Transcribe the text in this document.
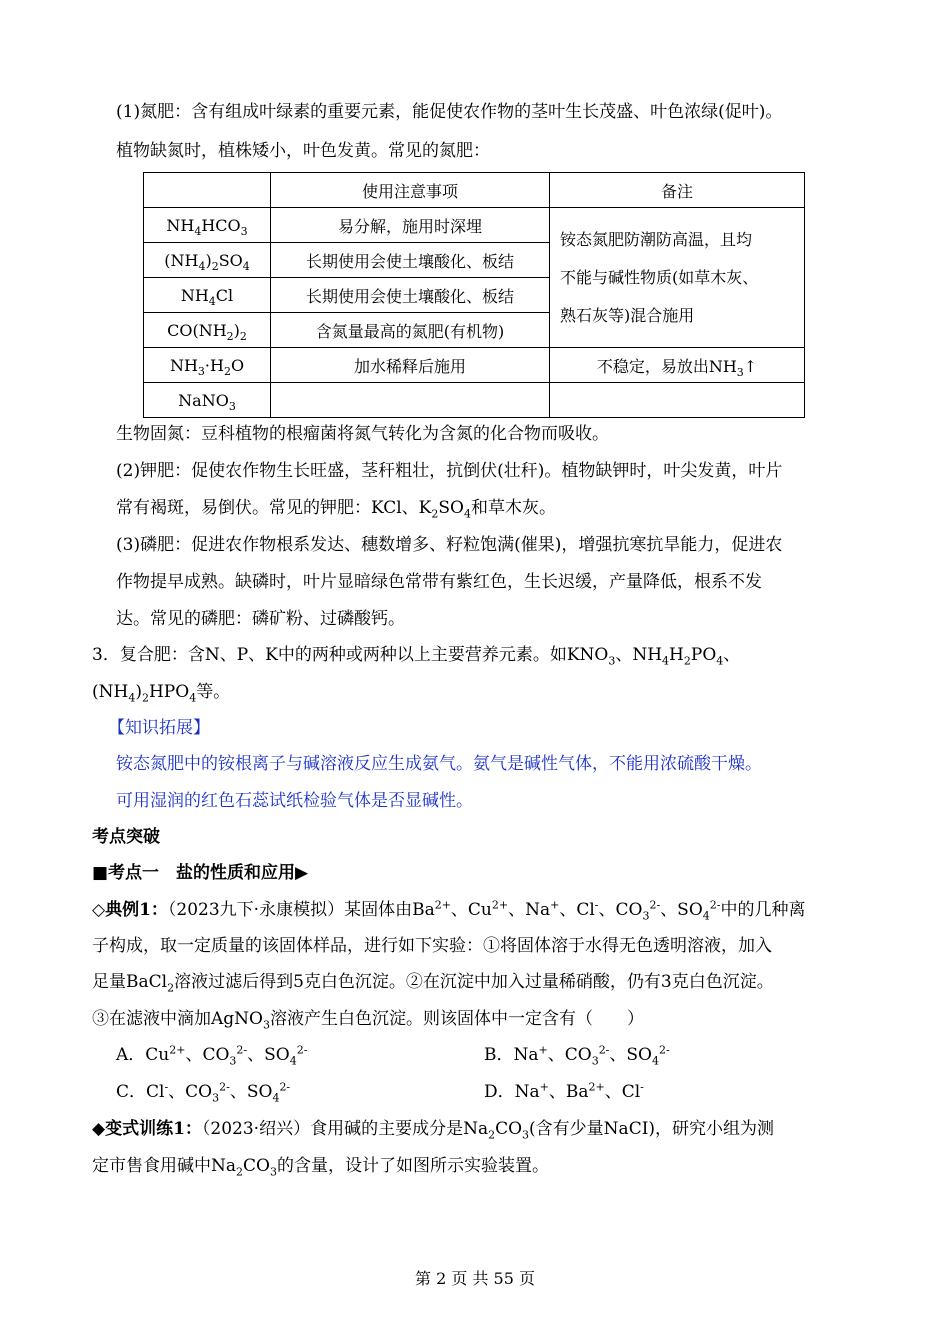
(1)氮肥：含有组成叶绿素的重要元素，能促使农作物的茎叶生长茂盛、叶色浓绿(促叶)。
植物缺氮时，植株矮小，叶色发黄。常见的氮肥：
	使用注意事项	备注
$NH_4HCO_3$	易分解，施用时深埋	铵态氮肥防潮防高温，且均
不能与碱性物质(如草木灰、
熟石灰等)混合施用

$(NH_4)_2SO_4$	长期使用会使土壤酸化、板结	
$NH_4Cl$	长期使用会使土壤酸化、板结	
$CO(NH_2)_2$	含氮量最高的氮肥(有机物)	
$NH_3\cdot H_2O$	加水稀释后施用	不稳定，易放出$NH_3↑$
NaNO$_3$		
生物固氮：豆科植物的根瘤菌将氮气转化为含氮的化合物而吸收。
(2)钾肥：促使农作物生长旺盛，茎秆粗壮，抗倒伏(壮秆)。植物缺钾时，叶尖发黄，叶片
常有褐斑，易倒伏。常见的钾肥：KCl、$K_2SO_4$和草木灰。
(3)磷肥：促进农作物根系发达、穗数增多、籽粒饱满(催果)，增强抗寒抗旱能力，促进农
作物提早成熟。缺磷时，叶片显暗绿色常带有紫红色，生长迟缓，产量降低，根系不发
达。常见的磷肥：磷矿粉、过磷酸钙。
3．复合肥：含N、P、K中的两种或两种以上主要营养元素。如$KNO_3$、$NH_4H_2PO_4$、
$(NH_4)_2HPO_4$等。
【知识拓展】
铵态氮肥中的铵根离子与碱溶液反应生成氨气。氨气是碱性气体，不能用浓硫酸干燥。
可用湿润的红色石蕊试纸检验气体是否显碱性。
考点突破
■考点一　盐的性质和应用▶
◇典例1：（2023九下·永康模拟）某固体由$Ba^{2+}$、$Cu^{2+}$、Na+、Cl-、$CO_3^{2-}$、$SO_4^{2-}$中的几种离
子构成，取一定质量的该固体样品，进行如下实验：①将固体溶于水得无色透明溶液，加入
足量BaCl$_2$溶液过滤后得到5克白色沉淀。②在沉淀中加入过量稀硝酸，仍有3克白色沉淀。
③在滤液中滴加AgNO$_3$溶液产生白色沉淀。则该固体中一定含有（　　）
A．$Cu^{2+}$、$CO_3^{2-}$、$SO_4^{2-}$	B．Na+、$CO_3^{2-}$、$SO_4^{2-}$
C．Cl-、$CO_3^{2-}$、$SO_4^{2-}$	D．Na+、$Ba^{2+}$、Cl-
◆变式训练1：（2023·绍兴）食用碱的主要成分是$Na_2CO_3$(含有少量NaCI)，研究小组为测
定市售食用碱中$Na_2CO_3$的含量，设计了如图所示实验装置。
第 2 页 共 55 页
